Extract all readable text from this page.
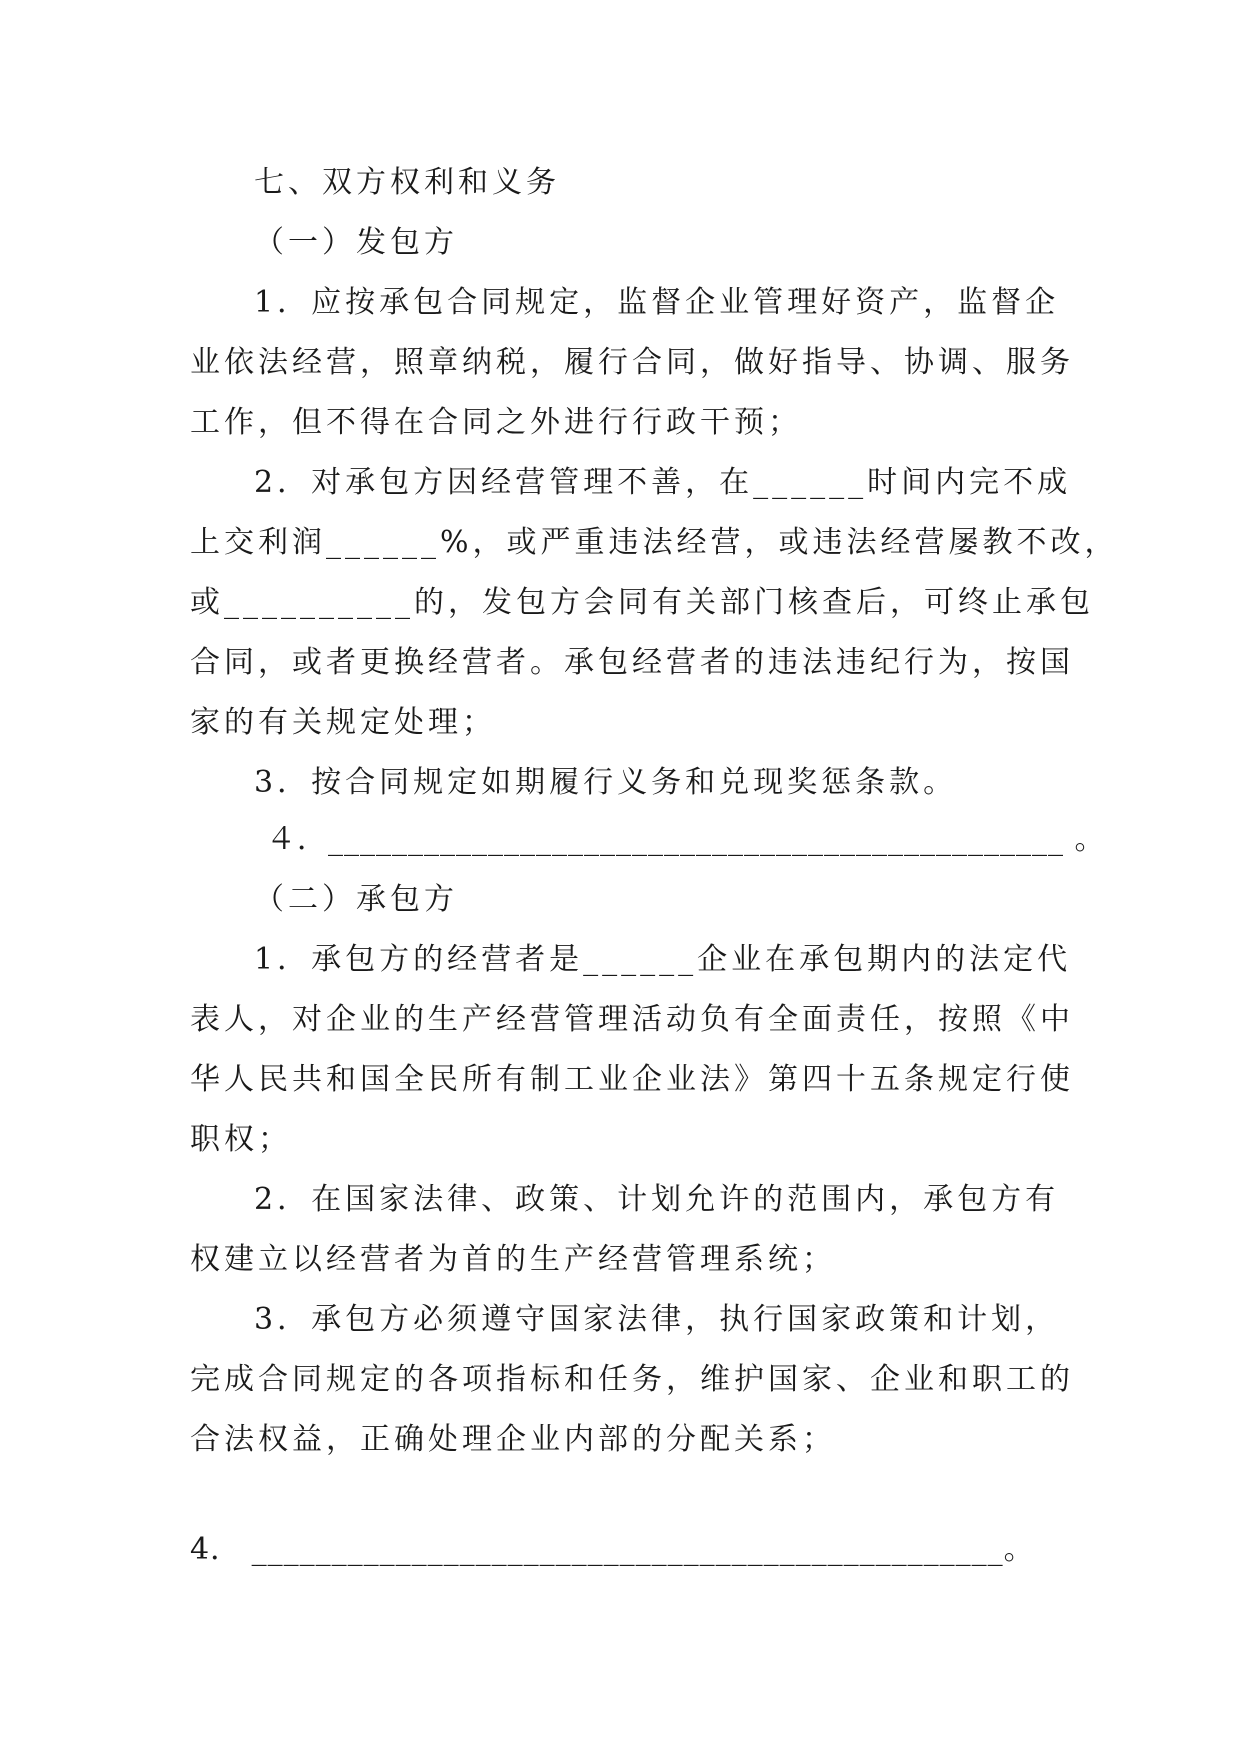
七、双方权利和义务
（一）发包方
1．应按承包合同规定，监督企业管理好资产，监督企
业依法经营，照章纳税，履行合同，做好指导、协调、服务
工作，但不得在合同之外进行行政干预；
2．对承包方因经营管理不善，在______时间内完不成
上交利润______%，或严重违法经营，或违法经营屡教不改，
或__________的，发包方会同有关部门核查后，可终止承包
合同，或者更换经营者。承包经营者的违法违纪行为，按国
家的有关规定处理；
3．按合同规定如期履行义务和兑现奖惩条款。
４．______________________________________________ 。
（二）承包方
1．承包方的经营者是______企业在承包期内的法定代
表人，对企业的生产经营管理活动负有全面责任，按照《中
华人民共和国全民所有制工业企业法》第四十五条规定行使
职权；
2．在国家法律、政策、计划允许的范围内，承包方有
权建立以经营者为首的生产经营管理系统；
3．承包方必须遵守国家法律，执行国家政策和计划，
完成合同规定的各项指标和任务，维护国家、企业和职工的
合法权益，正确处理企业内部的分配关系；
4． _______________________________________________。
